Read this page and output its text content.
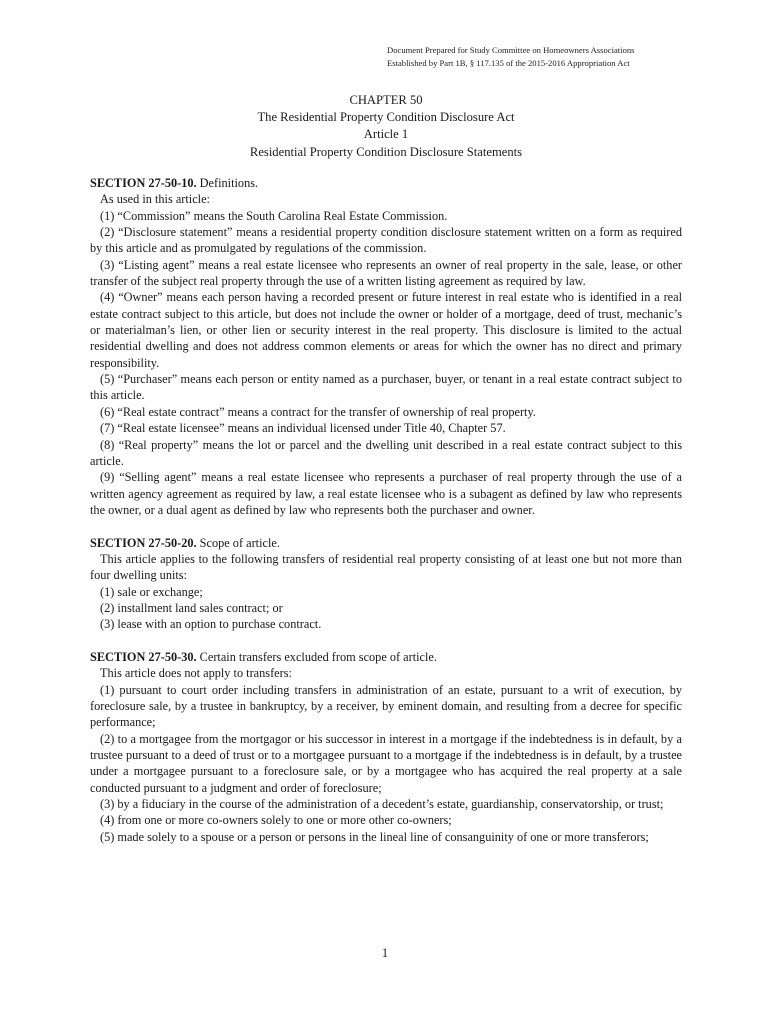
Document Prepared for Study Committee on Homeowners Associations
Established by Part 1B, § 117.135 of the 2015-2016 Appropriation Act
CHAPTER 50
The Residential Property Condition Disclosure Act
Article 1
Residential Property Condition Disclosure Statements

SECTION 27-50-10. Definitions.

As used in this article:

(1) “Commission” means the South Carolina Real Estate Commission.

(2) “Disclosure statement” means a residential property condition disclosure statement written on a form as required by this article and as promulgated by regulations of the commission.

(3) “Listing agent” means a real estate licensee who represents an owner of real property in the sale, lease, or other transfer of the subject real property through the use of a written listing agreement as required by law.

(4) “Owner” means each person having a recorded present or future interest in real estate who is identified in a real estate contract subject to this article, but does not include the owner or holder of a mortgage, deed of trust, mechanic’s or materialman’s lien, or other lien or security interest in the real property. This disclosure is limited to the actual residential dwelling and does not address common elements or areas for which the owner has no direct and primary responsibility.

(5) “Purchaser” means each person or entity named as a purchaser, buyer, or tenant in a real estate contract subject to this article.

(6) “Real estate contract” means a contract for the transfer of ownership of real property.

(7) “Real estate licensee” means an individual licensed under Title 40, Chapter 57.

(8) “Real property” means the lot or parcel and the dwelling unit described in a real estate contract subject to this article.

(9) “Selling agent” means a real estate licensee who represents a purchaser of real property through the use of a written agency agreement as required by law, a real estate licensee who is a subagent as defined by law who represents the owner, or a dual agent as defined by law who represents both the purchaser and owner.

SECTION 27-50-20. Scope of article.

This article applies to the following transfers of residential real property consisting of at least one but not more than four dwelling units:

(1) sale or exchange;

(2) installment land sales contract; or

(3) lease with an option to purchase contract.

SECTION 27-50-30. Certain transfers excluded from scope of article.

This article does not apply to transfers:

(1) pursuant to court order including transfers in administration of an estate, pursuant to a writ of execution, by foreclosure sale, by a trustee in bankruptcy, by a receiver, by eminent domain, and resulting from a decree for specific performance;

(2) to a mortgagee from the mortgagor or his successor in interest in a mortgage if the indebtedness is in default, by a trustee pursuant to a deed of trust or to a mortgagee pursuant to a mortgage if the indebtedness is in default, by a trustee under a mortgagee pursuant to a foreclosure sale, or by a mortgagee who has acquired the real property at a sale conducted pursuant to a judgment and order of foreclosure;

(3) by a fiduciary in the course of the administration of a decedent’s estate, guardianship, conservatorship, or trust;

(4) from one or more co-owners solely to one or more other co-owners;

(5) made solely to a spouse or a person or persons in the lineal line of consanguinity of one or more transferors;

1
